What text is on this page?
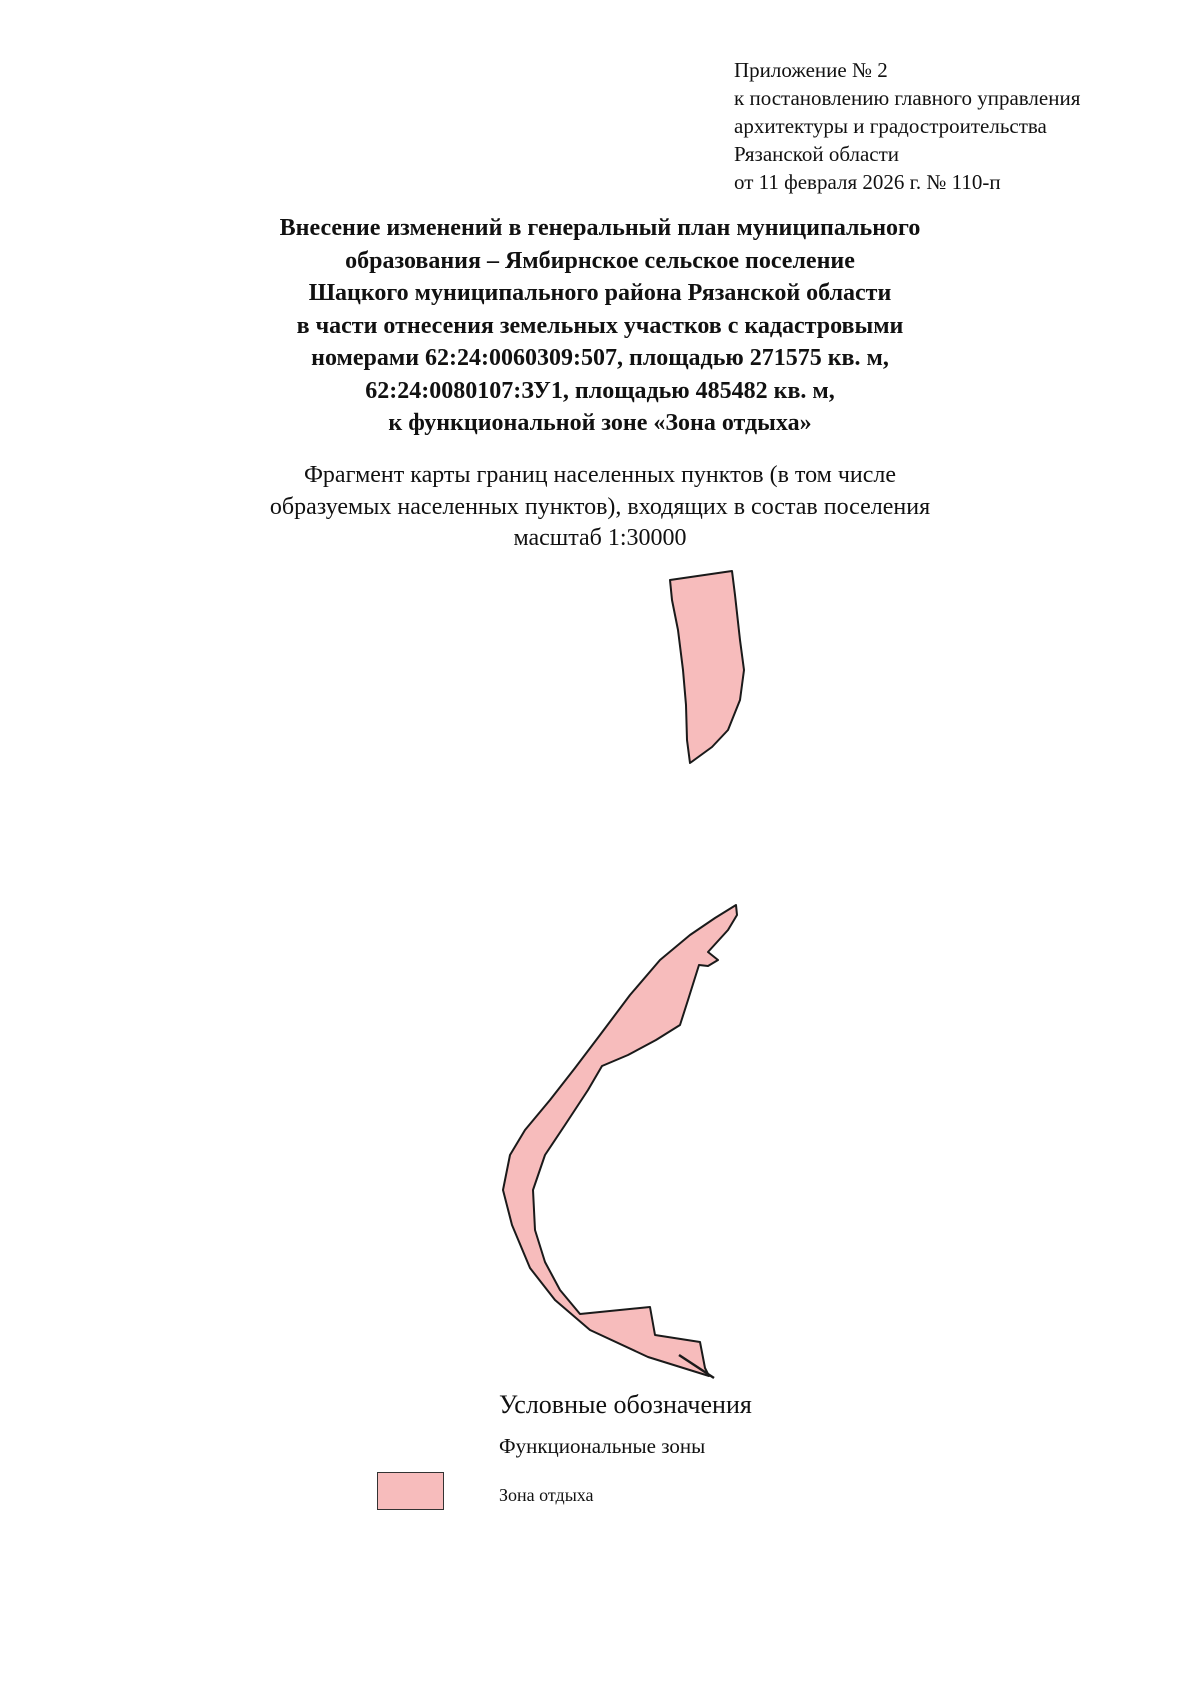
Приложение № 2
к постановлению главного управления
архитектуры и градостроительства
Рязанской области
от 11 февраля 2026 г. № 110-п
Внесение изменений в генеральный план муниципального
образования – Ямбирнское сельское поселение
Шацкого муниципального района Рязанской области
в части отнесения земельных участков с кадастровыми
номерами 62:24:0060309:507, площадью 271575 кв. м,
62:24:0080107:ЗУ1, площадью 485482 кв. м,
к функциональной зоне «Зона отдыха»
Фрагмент карты границ населенных пунктов (в том числе
образуемых населенных пунктов), входящих в состав поселения
масштаб 1:30000
Условные обозначения
Функциональные зоны
Зона отдыха
